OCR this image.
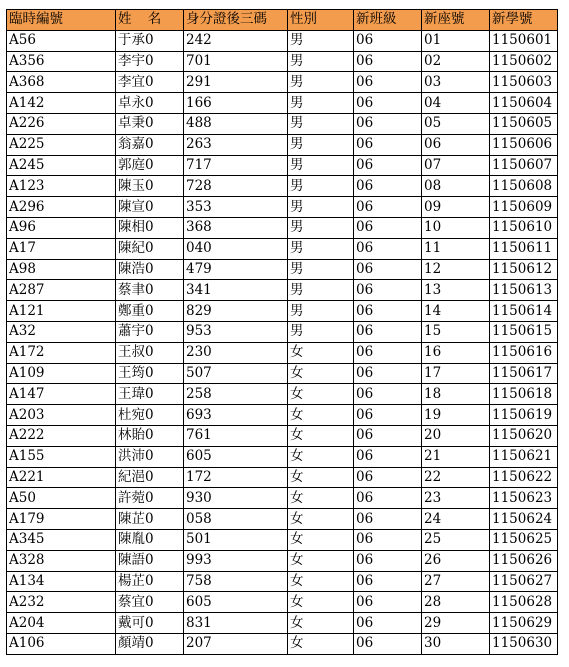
臨時編號	姓 名	身分證後三碼	性別	新班級	新座號	新學號
A56	于承0	242	男	06	01	1150601
A356	李宇0	701	男	06	02	1150602
A368	李宜0	291	男	06	03	1150603
A142	卓永0	166	男	06	04	1150604
A226	卓秉0	488	男	06	05	1150605
A225	翁嘉0	263	男	06	06	1150606
A245	郭庭0	717	男	06	07	1150607
A123	陳玉0	728	男	06	08	1150608
A296	陳宣0	353	男	06	09	1150609
A96	陳相0	368	男	06	10	1150610
A17	陳紀0	040	男	06	11	1150611
A98	陳浩0	479	男	06	12	1150612
A287	蔡聿0	341	男	06	13	1150613
A121	鄭重0	829	男	06	14	1150614
A32	蕭宇0	953	男	06	15	1150615
A172	王叔0	230	女	06	16	1150616
A109	王筠0	507	女	06	17	1150617
A147	王瑋0	258	女	06	18	1150618
A203	杜宛0	693	女	06	19	1150619
A222	林貽0	761	女	06	20	1150620
A155	洪沛0	605	女	06	21	1150621
A221	紀浥0	172	女	06	22	1150622
A50	許菀0	930	女	06	23	1150623
A179	陳芷0	058	女	06	24	1150624
A345	陳胤0	501	女	06	25	1150625
A328	陳語0	993	女	06	26	1150626
A134	楊芷0	758	女	06	27	1150627
A232	蔡宜0	605	女	06	28	1150628
A204	戴可0	831	女	06	29	1150629
A106	顏靖0	207	女	06	30	1150630
